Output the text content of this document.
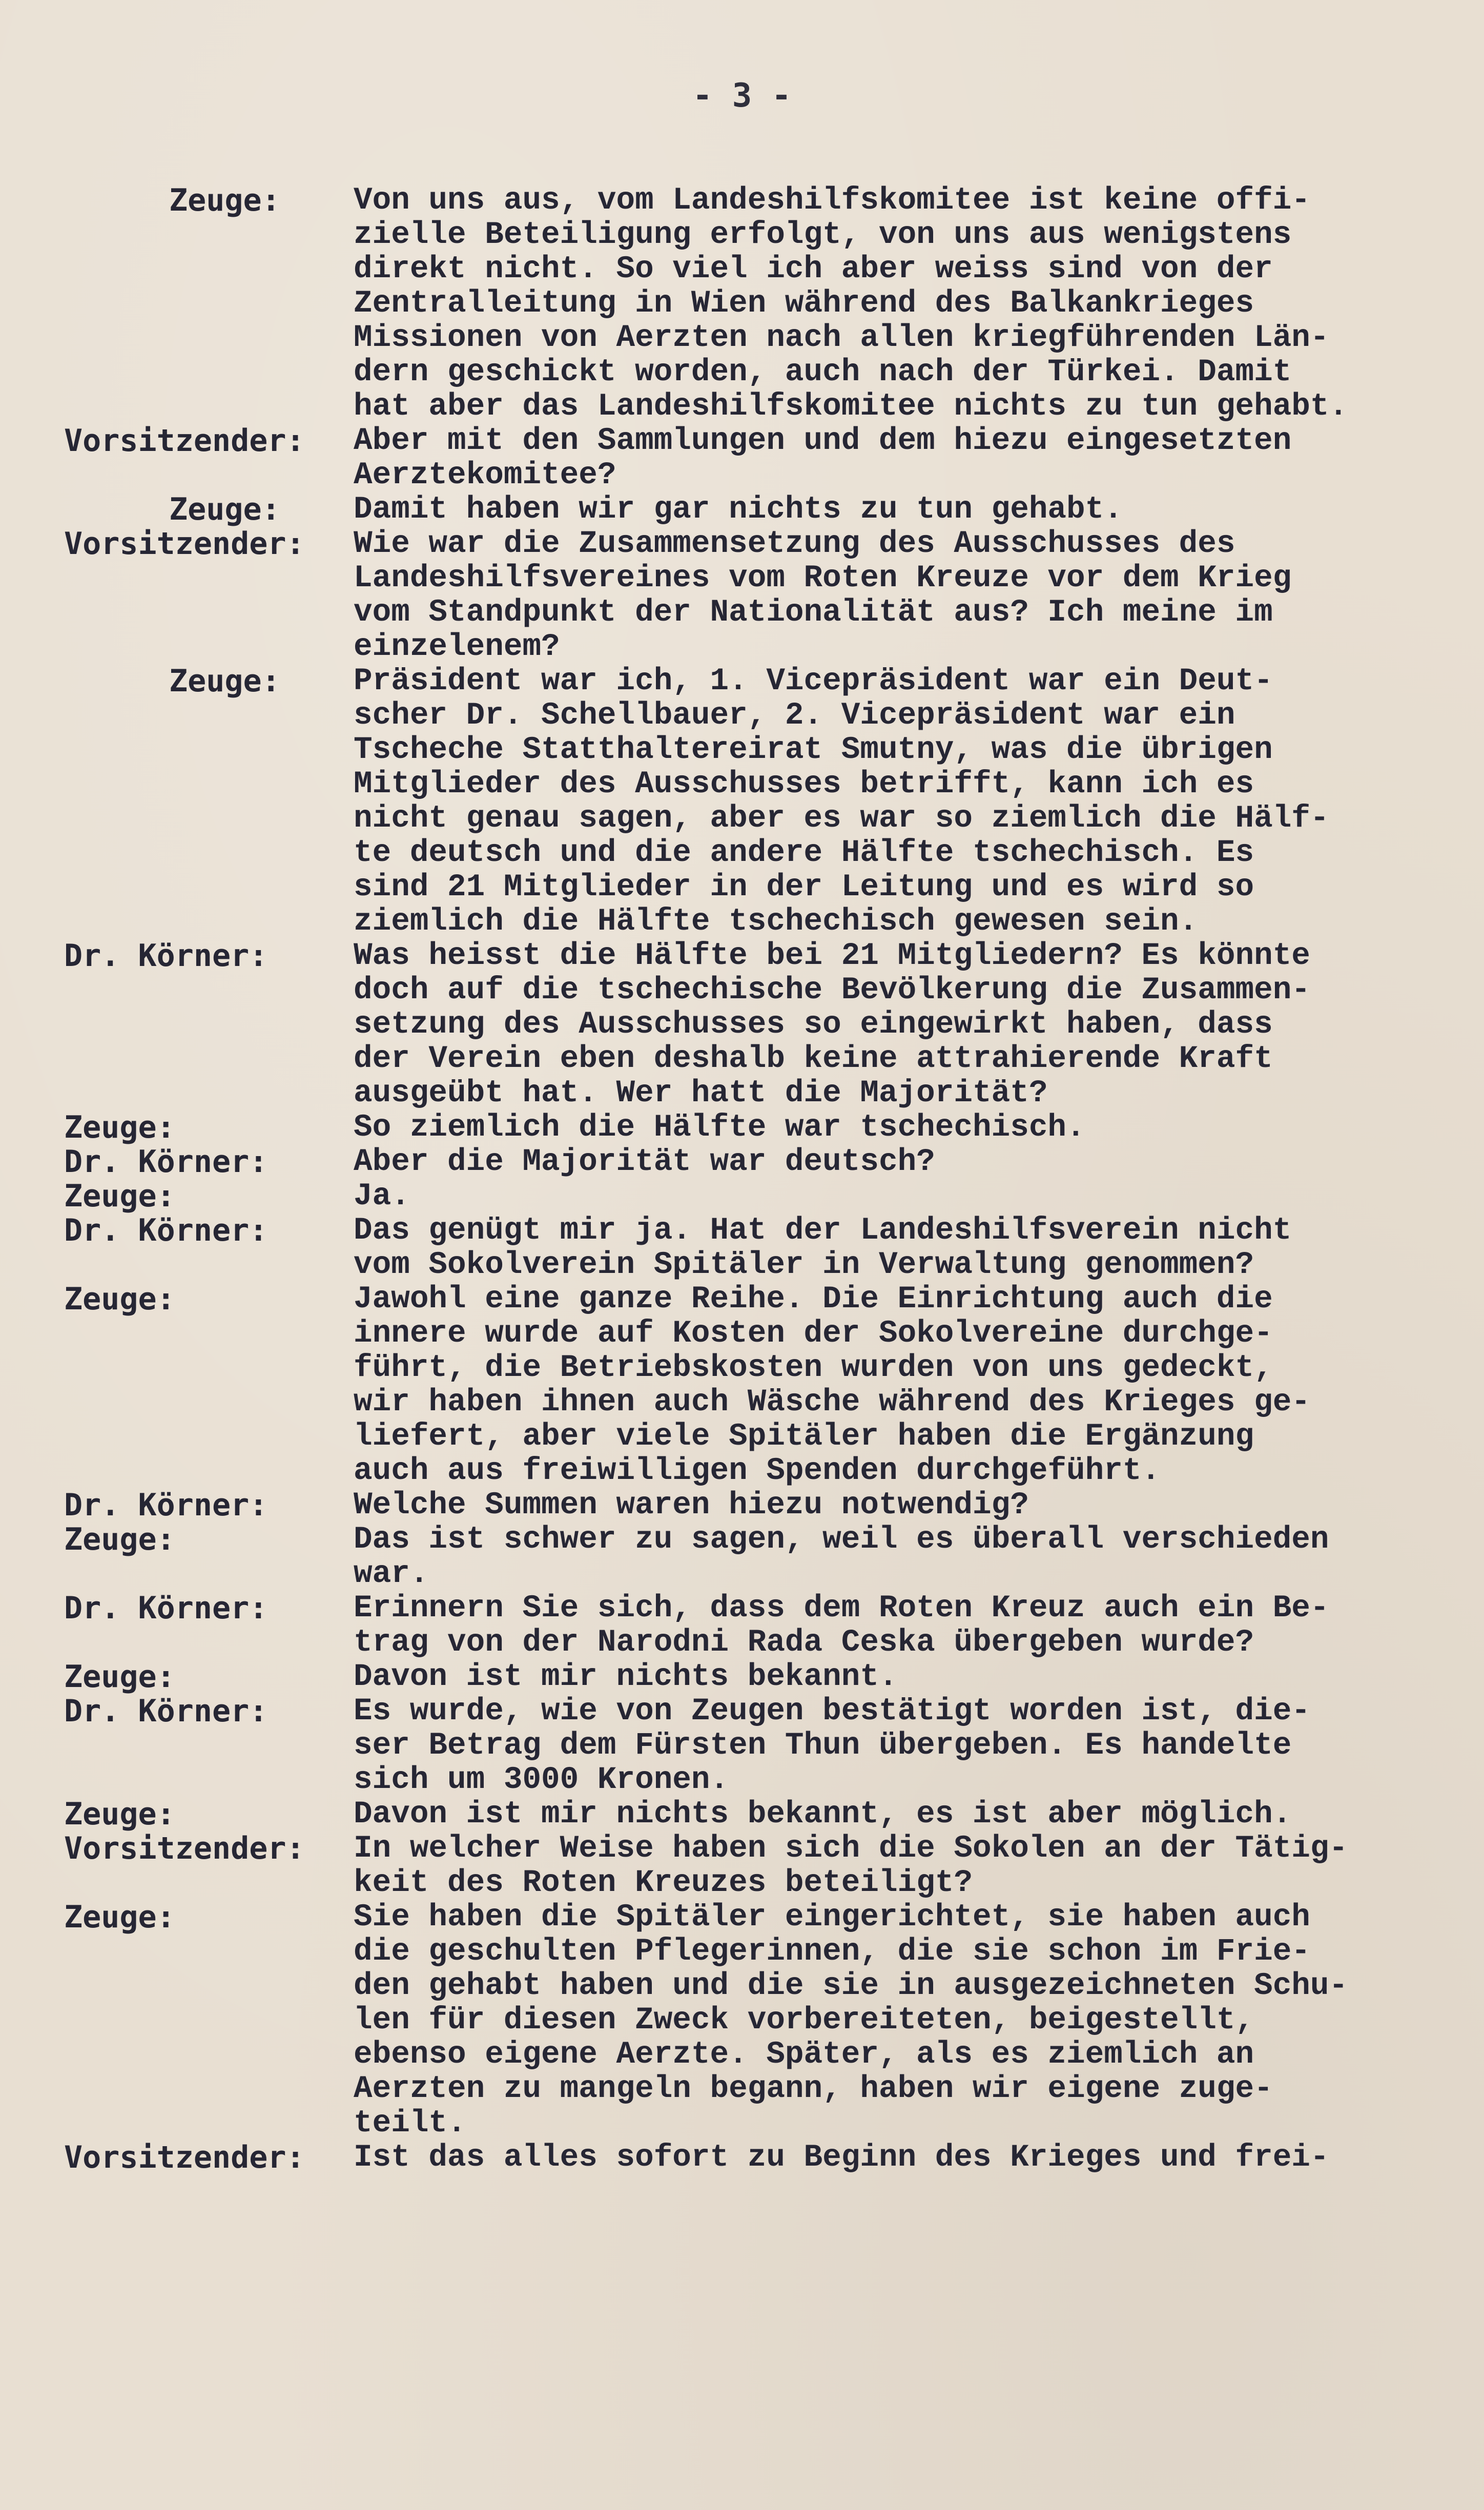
- 3 -
Zeuge: Von uns aus, vom Landeshilfskomitee ist keine offi-
zielle Beteiligung erfolgt, von uns aus wenigstens
direkt nicht. So viel ich aber weiss sind von der
Zentralleitung in Wien während des Balkankrieges
Missionen von Aerzten nach allen kriegführenden Län-
dern geschickt worden, auch nach der Türkei. Damit
hat aber das Landeshilfskomitee nichts zu tun gehabt.
Vorsitzender: Aber mit den Sammlungen und dem hiezu eingesetzten
Aerztekomitee?
Zeuge: Damit haben wir gar nichts zu tun gehabt.
Vorsitzender: Wie war die Zusammensetzung des Ausschusses des
Landeshilfsvereines vom Roten Kreuze vor dem Krieg
vom Standpunkt der Nationalität aus? Ich meine im
einzelenem?
Zeuge: Präsident war ich, 1. Vicepräsident war ein Deut-
scher Dr. Schellbauer, 2. Vicepräsident war ein
Tscheche Statthaltereirat Smutny, was die übrigen
Mitglieder des Ausschusses betrifft, kann ich es
nicht genau sagen, aber es war so ziemlich die Hälf-
te deutsch und die andere Hälfte tschechisch. Es
sind 21 Mitglieder in der Leitung und es wird so
ziemlich die Hälfte tschechisch gewesen sein.
Dr. Körner:	Was heisst die Hälfte bei 21 Mitgliedern? Es könnte
doch auf die tschechische Bevölkerung die Zusammen-
setzung des Ausschusses so eingewirkt haben, dass
der Verein eben deshalb keine attrahierende Kraft
ausgeübt hat. Wer hatt die Majorität?
Zeuge:	So ziemlich die Hälfte war tschechisch.
Dr. Körner:	Aber die Majorität war deutsch?
Zeuge:	Ja.
Dr. Körner:	Das genügt mir ja. Hat der Landeshilfsverein nicht
vom Sokolverein Spitäler in Verwaltung genommen?
Zeuge:	Jawohl eine ganze Reihe. Die Einrichtung auch die
innere wurde auf Kosten der Sokolvereine durchge-
führt, die Betriebskosten wurden von uns gedeckt,
wir haben ihnen auch Wäsche während des Krieges ge-
liefert, aber viele Spitäler haben die Ergänzung
auch aus freiwilligen Spenden durchgeführt.
Dr. Körner:	Welche Summen waren hiezu notwendig?
Zeuge:	Das ist schwer zu sagen, weil es überall verschieden
war.
Dr. Körner:	Erinnern Sie sich, dass dem Roten Kreuz auch ein Be-
trag von der Narodni Rada Ceska übergeben wurde?
Zeuge:	Davon ist mir nichts bekannt.
Dr. Körner:	Es wurde, wie von Zeugen bestätigt worden ist, die-
ser Betrag dem Fürsten Thun übergeben. Es handelte
sich um 3000 Kronen.
Zeuge:	Davon ist mir nichts bekannt, es ist aber möglich.
Vorsitzender: In welcher Weise haben sich die Sokolen an der Tätig-
keit des Roten Kreuzes beteiligt?
Zeuge:	Sie haben die Spitäler eingerichtet, sie haben auch
die geschulten Pflegerinnen, die sie schon im Frie-
den gehabt haben und die sie in ausgezeichneten Schu-
len für diesen Zweck vorbereiteten, beigestellt,
ebenso eigene Aerzte. Später, als es ziemlich an
Aerzten zu mangeln begann, haben wir eigene zuge-
teilt.
Vorsitzender: Ist das alles sofort zu Beginn des Krieges und frei-
